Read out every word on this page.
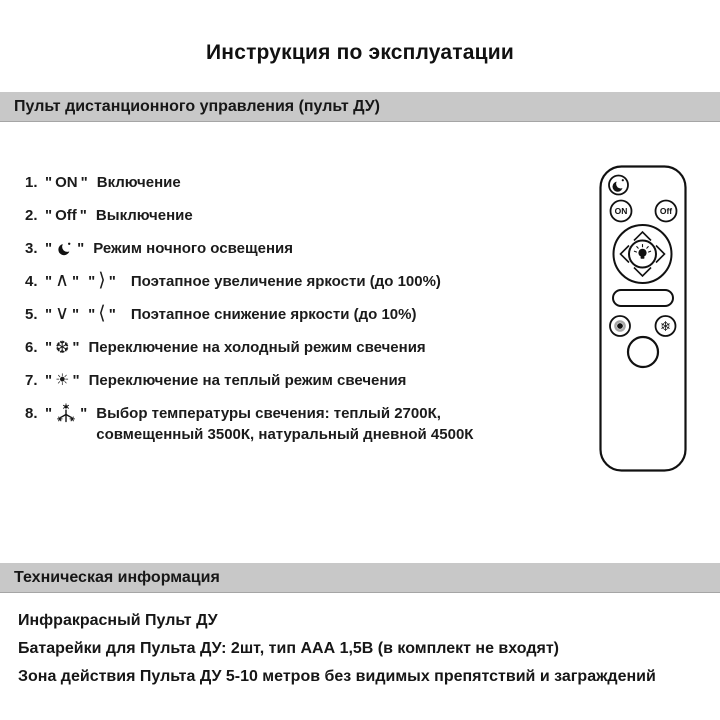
Инструкция по эксплуатации
Пульт дистанционного управления (пульт ДУ)
1. " ON " Включение
2. " Off " Выключение
3. " " Режим ночного освещения
4. " ∧ " " ⟩ " Поэтапное увеличение яркости (до 100%)
5. " ∨ " " ⟨ " Поэтапное снижение яркости (до 10%)
6. " ❆ " Переключение на холодный режим свечения
7. " ☀ " Переключение на теплый режим свечения
8. " " Выбор температуры свечения: теплый 2700К,
совмещенный 3500К, натуральный дневной 4500К
ON	Off
❄
Техническая информация

Инфракрасный Пульт ДУ

Батарейки для Пульта ДУ: 2шт, тип ААА 1,5В (в комплект не входят)

Зона действия Пульта ДУ 5-10 метров без видимых препятствий и заграждений
